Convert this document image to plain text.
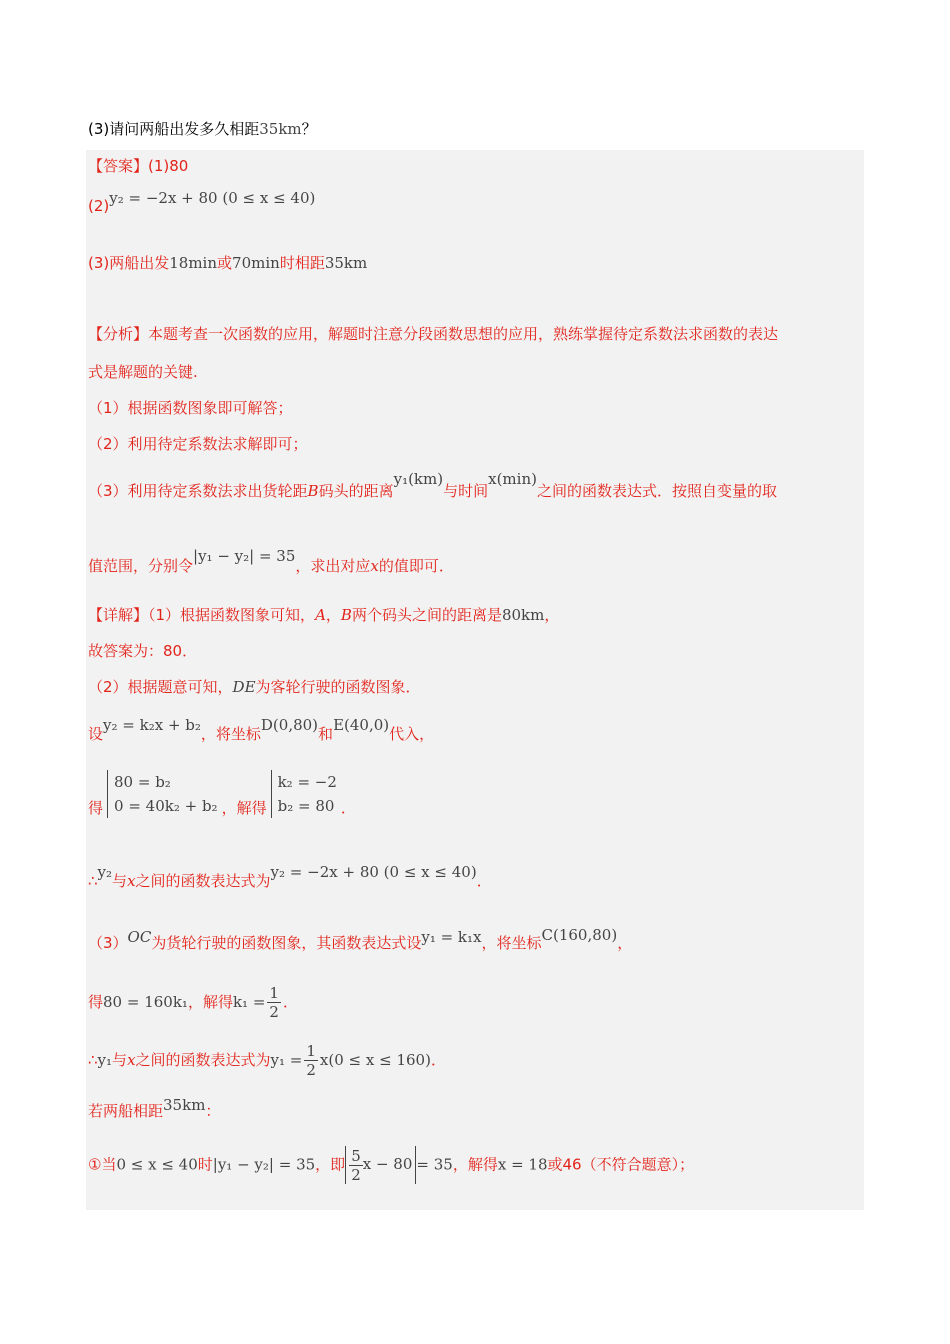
(3)请问两船出发多久相距35km？
【答案】(1)80
(2)y₂ = −2x + 80 (0 ≤ x ≤ 40)
(3)两船出发18min或70min时相距35km
【分析】本题考查一次函数的应用，解题时注意分段函数思想的应用，熟练掌握待定系数法求函数的表达
式是解题的关键.
（1）根据函数图象即可解答；
（2）利用待定系数法求解即可；
（3）利用待定系数法求出货轮距B码头的距离y₁(km)与时间x(min)之间的函数表达式．按照自变量的取
值范围，分别令|y₁ − y₂| = 35，求出对应x的值即可．
【详解】（1）根据函数图象可知，A，B两个码头之间的距离是80km，
故答案为：80．
（2）根据题意可知，DE为客轮行驶的函数图象．
设y₂ = k₂x + b₂，将坐标D(0,80)和E(40,0)代入，
得
80 = b₂
0 = 40k₂ + b₂ ，解得
k₂ = −2
b₂ = 80 ．
∴y₂与x之间的函数表达式为y₂ = −2x + 80 (0 ≤ x ≤ 40)．
（3）OC为货轮行驶的函数图象，其函数表达式设y₁ = k₁x，将坐标C(160,80)，
得80 = 160k₁，解得$k_1 = \frac{1}{2}$ ．
∴y₁与x之间的函数表达式为$y_1 = \frac{1}{2} x(0 \le x \le 160)$．
若两船相距35km：
①当0 ≤ x ≤ 40时|y₁ − y₂| = 35，即 $\frac{5}{2}$ x − 80 = 35，解得x = 18或46（不符合题意）；
